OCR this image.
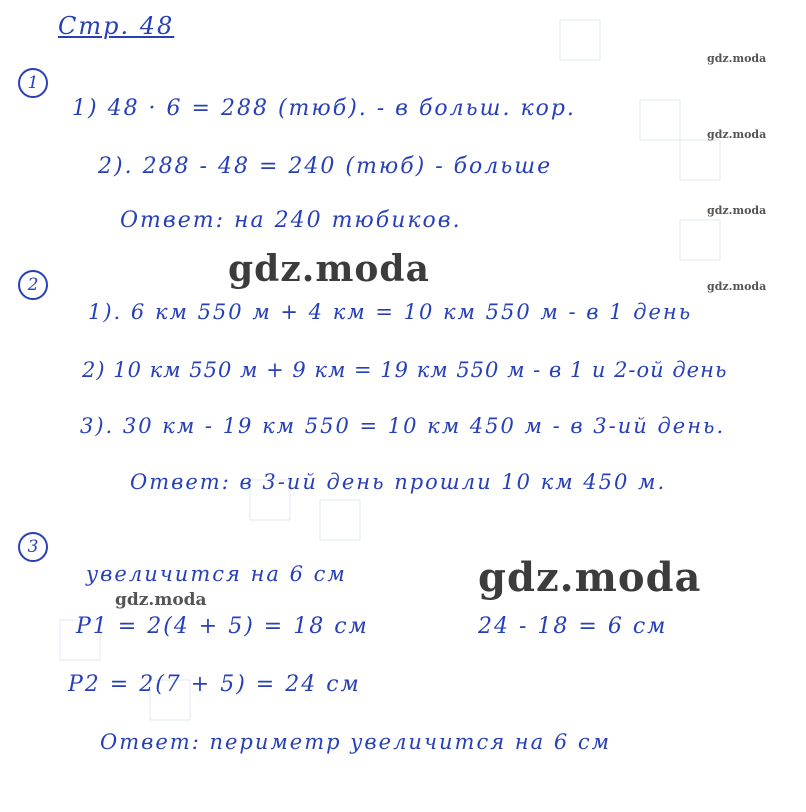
Стр. 48
gdz.moda
gdz.moda
gdz.moda
gdz.moda
gdz.moda
gdz.moda
gdz.moda
1
1) 48 · 6 = 288 (тюб). - в больш. кор.
2). 288 - 48 = 240 (тюб) - больше
Ответ: на 240 тюбиков.
2
1). 6 км 550 м + 4 км = 10 км 550 м - в 1 день
2) 10 км 550 м + 9 км = 19 км 550 м - в 1 и 2-ой день
3). 30 км - 19 км 550 = 10 км 450 м - в 3-ий день.
Ответ: в 3-ий день прошли 10 км 450 м.
3
увеличится на 6 см
P1 = 2(4 + 5) = 18 см	24 - 18 = 6 см
P2 = 2(7 + 5) = 24 см
Ответ: периметр увеличится на 6 см
